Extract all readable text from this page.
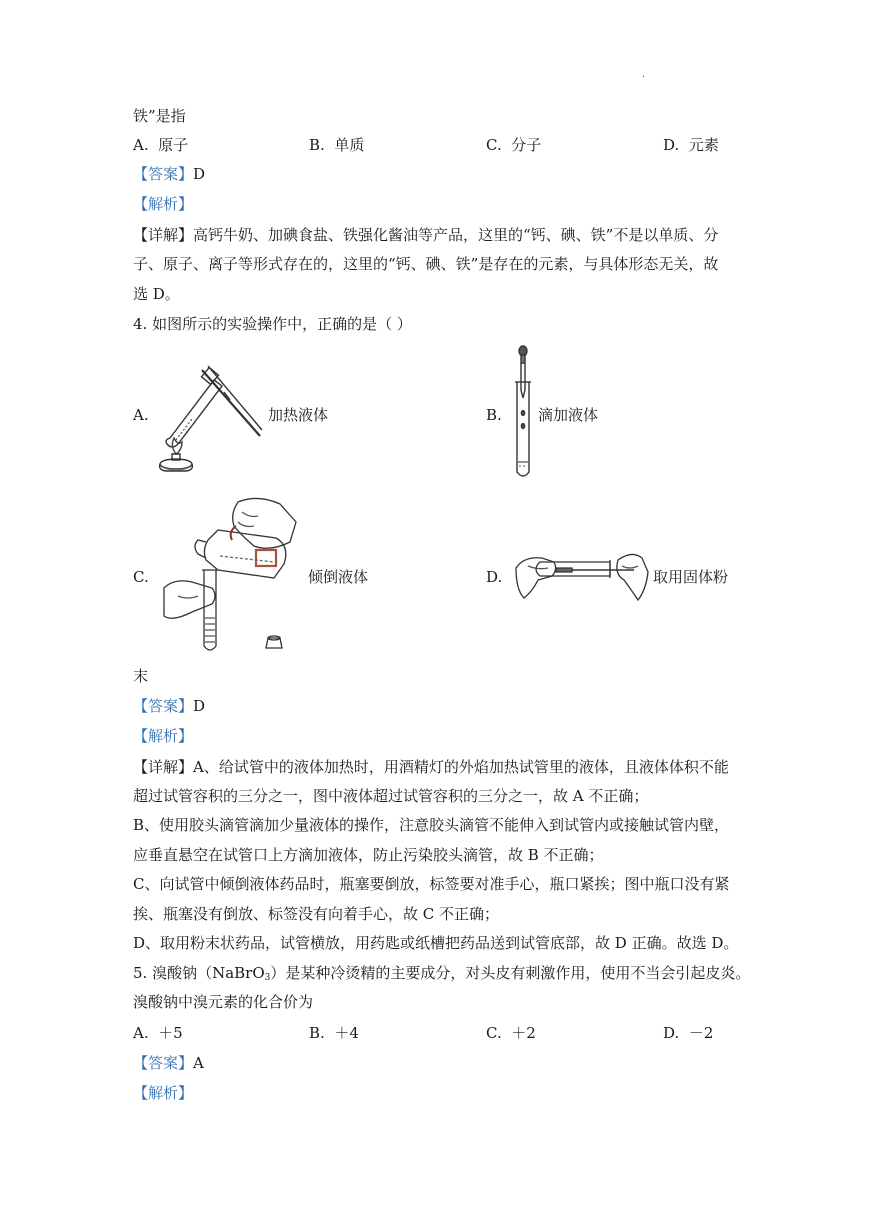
·
铁”是指
A. 原子	B. 单质	C. 分子	D. 元素
【答案】D
【解析】
【详解】高钙牛奶、加碘食盐、铁强化酱油等产品，这里的“钙、碘、铁”不是以单质、分
子、原子、离子等形式存在的，这里的“钙、碘、铁”是存在的元素，与具体形态无关，故
选 D。
4. 如图所示的实验操作中，正确的是（ ）
A.	加热液体	B. 滴加液体
C.	倾倒液体	D.	取用固体粉
末
【答案】D
【解析】
【详解】A、给试管中的液体加热时，用酒精灯的外焰加热试管里的液体，且液体体积不能
超过试管容积的三分之一，图中液体超过试管容积的三分之一，故 A 不正确；
B、使用胶头滴管滴加少量液体的操作，注意胶头滴管不能伸入到试管内或接触试管内壁，
应垂直悬空在试管口上方滴加液体，防止污染胶头滴管，故 B 不正确；
C、向试管中倾倒液体药品时，瓶塞要倒放，标签要对准手心，瓶口紧挨；图中瓶口没有紧
挨、瓶塞没有倒放、标签没有向着手心，故 C 不正确；
D、取用粉末状药品，试管横放，用药匙或纸槽把药品送到试管底部，故 D 正确。故选 D。
5. 溴酸钠（NaBrO$_3$）是某种冷烫精的主要成分，对头皮有刺激作用，使用不当会引起皮炎。
溴酸钠中溴元素的化合价为
A. ＋5	B. ＋4	C. ＋2	D. －2
【答案】A
【解析】
